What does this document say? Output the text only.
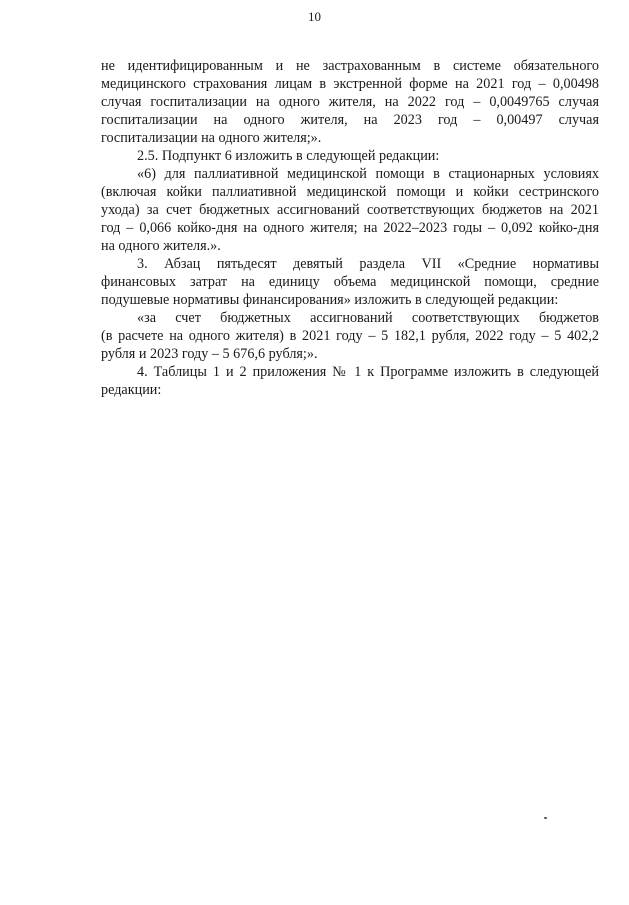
10
не идентифицированным и не застрахованным в системе обязательного
медицинского страхования лицам в экстренной форме на 2021 год – 0,00498
случая госпитализации на одного жителя, на 2022 год – 0,0049765 случая
госпитализации на одного жителя, на 2023 год – 0,00497 случая
госпитализации на одного жителя;».
2.5. Подпункт 6 изложить в следующей редакции:
«6) для паллиативной медицинской помощи в стационарных условиях
(включая койки паллиативной медицинской помощи и койки сестринского
ухода) за счет бюджетных ассигнований соответствующих бюджетов на 2021
год – 0,066 койко-дня на одного жителя; на 2022–2023 годы – 0,092 койко-дня
на одного жителя.».
3. Абзац пятьдесят девятый раздела VII «Средние нормативы
финансовых затрат на единицу объема медицинской помощи, средние
подушевые нормативы финансирования» изложить в следующей редакции:
«за счет бюджетных ассигнований соответствующих бюджетов
(в расчете на одного жителя) в 2021 году – 5 182,1 рубля, 2022 году – 5 402,2
рубля и 2023 году – 5 676,6 рубля;».
4. Таблицы 1 и 2 приложения № 1 к Программе изложить в следующей
редакции:
